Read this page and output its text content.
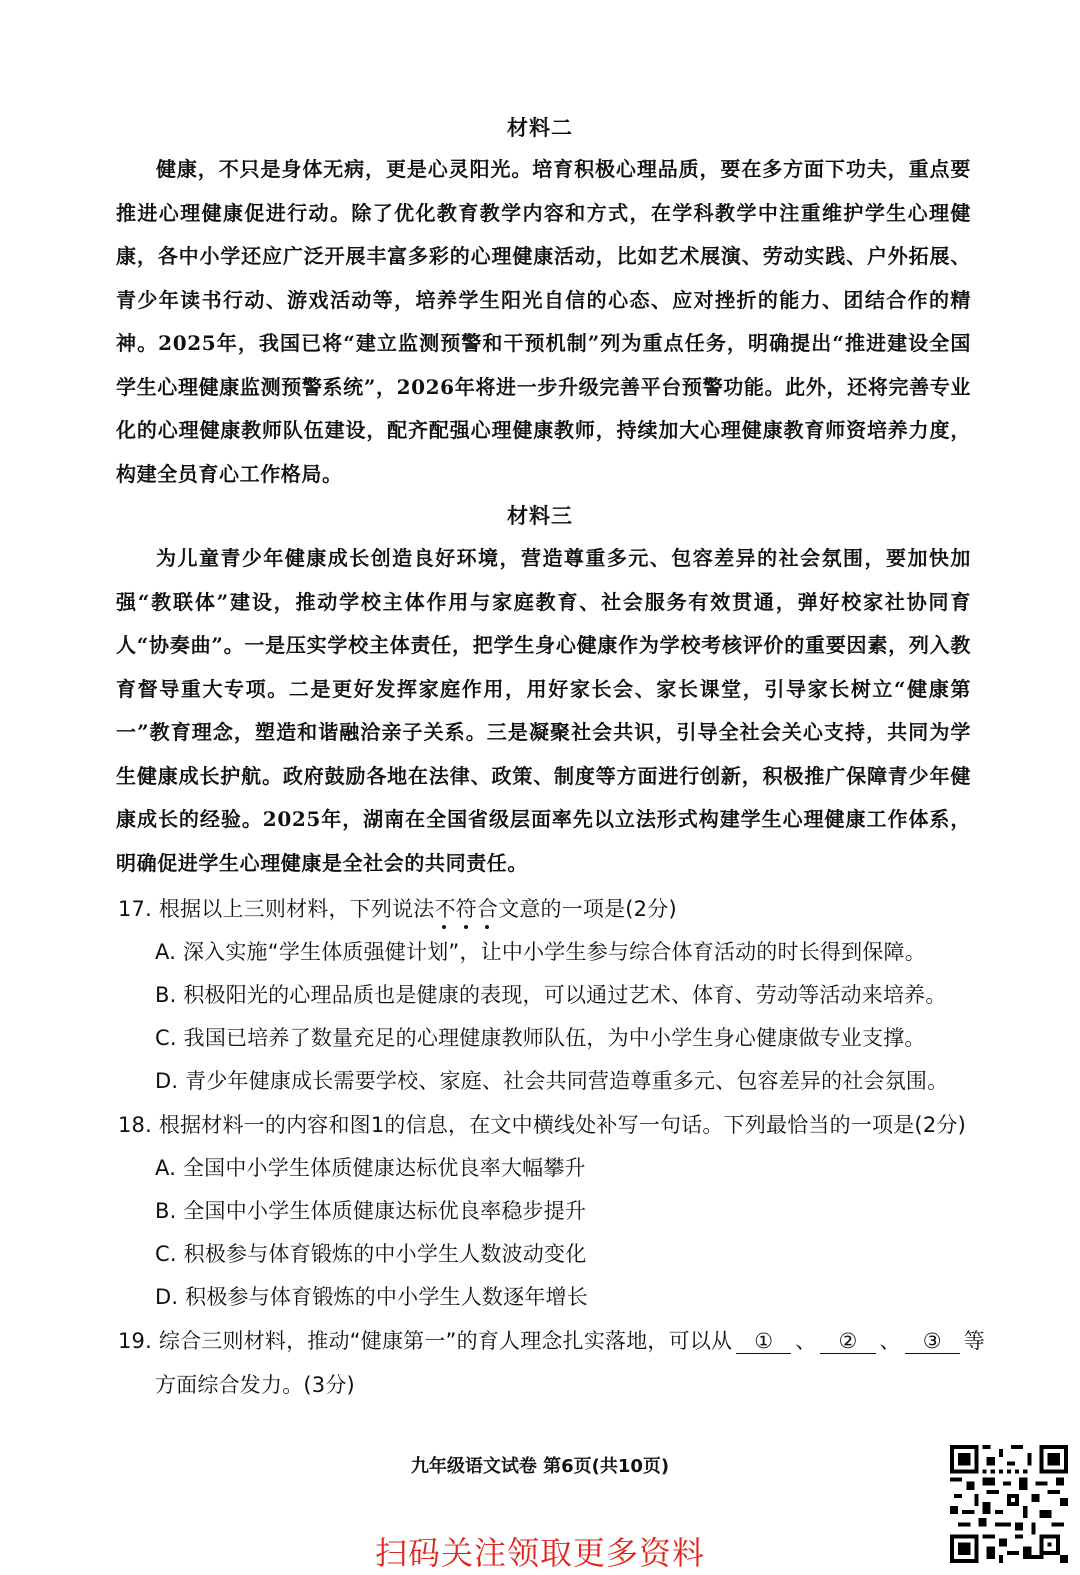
材料二
健康，不只是身体无病，更是心灵阳光。培育积极心理品质，要在多方面下功夫，重点要推进心理健康促进行动。除了优化教育教学内容和方式，在学科教学中注重维护学生心理健康，各中小学还应广泛开展丰富多彩的心理健康活动，比如艺术展演、劳动实践、户外拓展、青少年读书行动、游戏活动等，培养学生阳光自信的心态、应对挫折的能力、团结合作的精神。2025年，我国已将“建立监测预警和干预机制”列为重点任务，明确提出“推进建设全国学生心理健康监测预警系统”，2026年将进一步升级完善平台预警功能。此外，还将完善专业化的心理健康教师队伍建设，配齐配强心理健康教师，持续加大心理健康教育师资培养力度，构建全员育心工作格局。
材料三
为儿童青少年健康成长创造良好环境，营造尊重多元、包容差异的社会氛围，要加快加强“教联体”建设，推动学校主体作用与家庭教育、社会服务有效贯通，弹好校家社协同育人“协奏曲”。一是压实学校主体责任，把学生身心健康作为学校考核评价的重要因素，列入教育督导重大专项。二是更好发挥家庭作用，用好家长会、家长课堂，引导家长树立“健康第一”教育理念，塑造和谐融洽亲子关系。三是凝聚社会共识，引导全社会关心支持，共同为学生健康成长护航。政府鼓励各地在法律、政策、制度等方面进行创新，积极推广保障青少年健康成长的经验。2025年，湖南在全国省级层面率先以立法形式构建学生心理健康工作体系，明确促进学生心理健康是全社会的共同责任。
17. 根据以上三则材料，下列说法不符合
文意的一项是(2分)
A. 深入实施“学生体质强健计划”，让中小学生参与综合体育活动的时长得到保障。
B. 积极阳光的心理品质也是健康的表现，可以通过艺术、体育、劳动等活动来培养。
C. 我国已培养了数量充足的心理健康教师队伍，为中小学生身心健康做专业支撑。
D. 青少年健康成长需要学校、家庭、社会共同营造尊重多元、包容差异的社会氛围。
18. 根据材料一的内容和图1的信息，在文中横线处补写一句话。下列最恰当的一项是(2分)
A. 全国中小学生体质健康达标优良率大幅攀升
B. 全国中小学生体质健康达标优良率稳步提升
C. 积极参与体育锻炼的中小学生人数波动变化
D. 积极参与体育锻炼的中小学生人数逐年增长
19. 综合三则材料，推动“健康第一”的育人理念扎实落地，可以从 ① 、 ② 、 ③ 等
方面综合发力。(3分)
九年级语文试卷 第6页(共10页)
扫码关注领取更多资料
